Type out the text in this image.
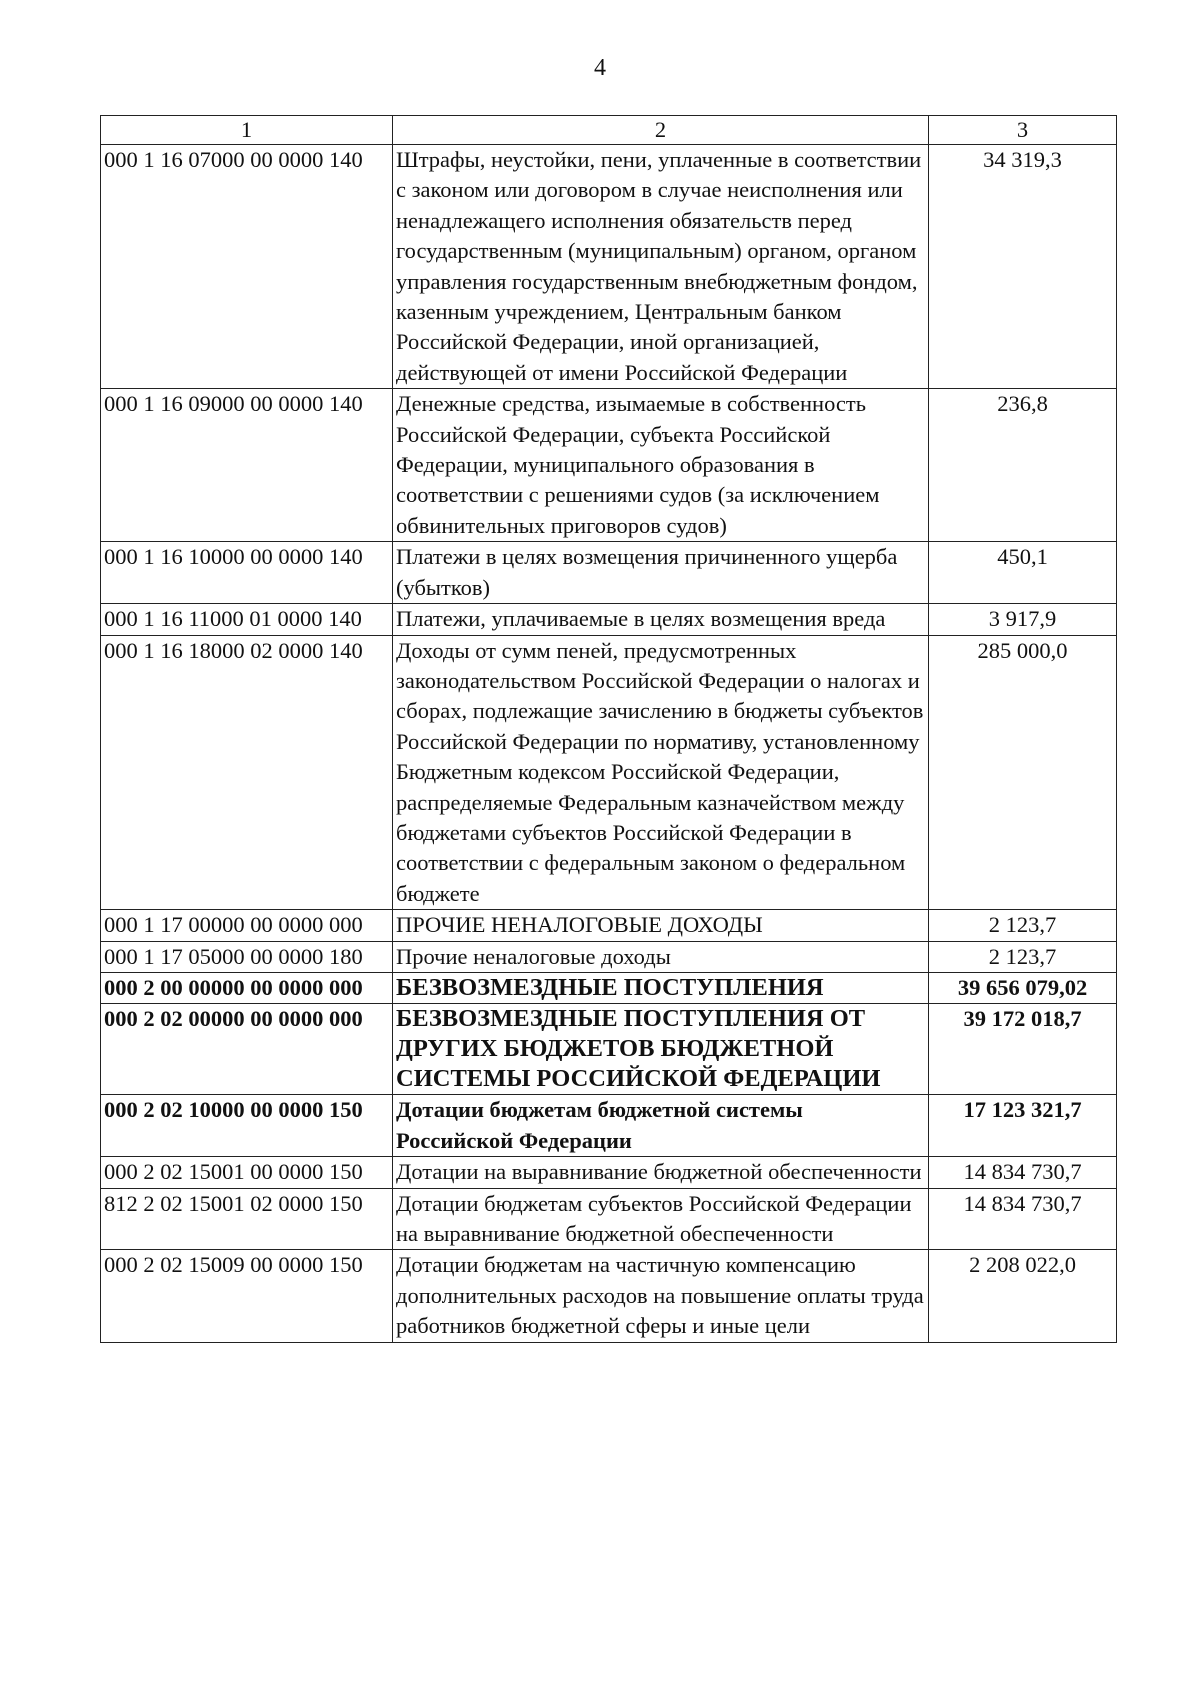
4
1	2	3
000 1 16 07000 00 0000 140	Штрафы, неустойки, пени, уплаченные в соответствии с законом или договором в случае неисполнения или ненадлежащего исполнения обязательств перед государственным (муниципальным) органом, органом управления государственным внебюджетным фондом, казенным учреждением, Центральным банком Российской Федерации, иной организацией, действующей от имени Российской Федерации	34 319,3
000 1 16 09000 00 0000 140	Денежные средства, изымаемые в собственность Российской Федерации, субъекта Российской Федерации, муниципального образования в соответствии с решениями судов (за исключением обвинительных приговоров судов)	236,8
000 1 16 10000 00 0000 140	Платежи в целях возмещения причиненного ущерба (убытков)	450,1
000 1 16 11000 01 0000 140	Платежи, уплачиваемые в целях возмещения вреда	3 917,9
000 1 16 18000 02 0000 140	Доходы от сумм пеней, предусмотренных законодательством Российской Федерации о налогах и сборах, подлежащие зачислению в бюджеты субъектов Российской Федерации по нормативу, установленному Бюджетным кодексом Российской Федерации, распределяемые Федеральным казначейством между бюджетами субъектов Российской Федерации в соответствии с федеральным законом о федеральном бюджете	285 000,0
000 1 17 00000 00 0000 000	ПРОЧИЕ НЕНАЛОГОВЫЕ ДОХОДЫ	2 123,7
000 1 17 05000 00 0000 180	Прочие неналоговые доходы	2 123,7
000 2 00 00000 00 0000 000	БЕЗВОЗМЕЗДНЫЕ ПОСТУПЛЕНИЯ	39 656 079,02
000 2 02 00000 00 0000 000	БЕЗВОЗМЕЗДНЫЕ ПОСТУПЛЕНИЯ ОТ ДРУГИХ БЮДЖЕТОВ БЮДЖЕТНОЙ СИСТЕМЫ РОССИЙСКОЙ ФЕДЕРАЦИИ	39 172 018,7
000 2 02 10000 00 0000 150	Дотации бюджетам бюджетной системы Российской Федерации	17 123 321,7
000 2 02 15001 00 0000 150	Дотации на выравнивание бюджетной обеспеченности	14 834 730,7
812 2 02 15001 02 0000 150	Дотации бюджетам субъектов Российской Федерации на выравнивание бюджетной обеспеченности	14 834 730,7
000 2 02 15009 00 0000 150	Дотации бюджетам на частичную компенсацию дополнительных расходов на повышение оплаты труда работников бюджетной сферы и иные цели	2 208 022,0
